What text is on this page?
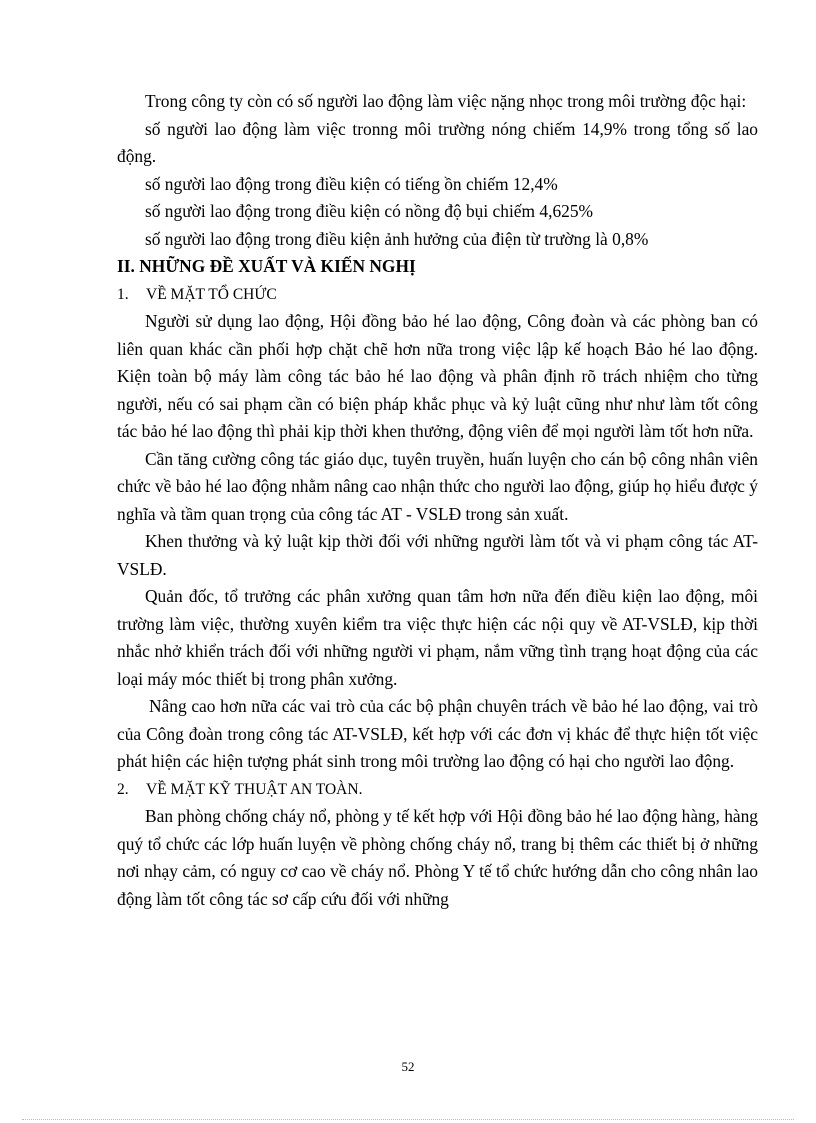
Trong công ty còn có số người lao động làm việc nặng nhọc trong môi trường độc hại:

số người lao động làm việc tronng môi trường nóng chiếm 14,9% trong tổng số lao động.

số người lao động trong điều kiện có tiếng ồn chiếm 12,4%

số người lao động trong điều kiện có nồng độ bụi chiếm 4,625%

số người lao động trong điều kiện ảnh hưởng của điện từ trường là 0,8%

II. NHỮNG ĐỀ XUẤT VÀ KIẾN NGHỊ

1. VỀ MẶT TỔ CHỨC

Người sử dụng lao động, Hội đồng bảo hé lao động, Công đoàn và các phòng ban có liên quan khác cần phối hợp chặt chẽ hơn nữa trong việc lập kế hoạch Bảo hé lao động. Kiện toàn bộ máy làm công tác bảo hé lao động và phân định rõ trách nhiệm cho từng người, nếu có sai phạm cần có biện pháp khắc phục và kỷ luật cũng như như làm tốt công tác bảo hé lao động thì phải kịp thời khen thưởng, động viên để mọi người làm tốt hơn nữa.

Cần tăng cường công tác giáo dục, tuyên truyền, huấn luyện cho cán bộ công nhân viên chức về bảo hé lao động nhằm nâng cao nhận thức cho người lao động, giúp họ hiểu được ý nghĩa và tầm quan trọng của công tác AT - VSLĐ trong sản xuất.

Khen thưởng và kỷ luật kịp thời đối với những người làm tốt và vi phạm công tác AT-VSLĐ.

Quản đốc, tổ trưởng các phân xưởng quan tâm hơn nữa đến điều kiện lao động, môi trường làm việc, thường xuyên kiểm tra việc thực hiện các nội quy về AT-VSLĐ, kịp thời nhắc nhở khiển trách đối với những người vi phạm, nắm vững tình trạng hoạt động của các loại máy móc thiết bị trong phân xưởng.

Nâng cao hơn nữa các vai trò của các bộ phận chuyên trách về bảo hé lao động, vai trò của Công đoàn trong công tác AT-VSLĐ, kết hợp với các đơn vị khác để thực hiện tốt việc phát hiện các hiện tượng phát sinh trong môi trường lao động có hại cho người lao động.

2. VỀ MẶT KỸ THUẬT AN TOÀN.

Ban phòng chống cháy nổ, phòng y tế kết hợp với Hội đồng bảo hé lao động hàng, hàng quý tổ chức các lớp huấn luyện về phòng chống cháy nổ, trang bị thêm các thiết bị ở những nơi nhạy cảm, có nguy cơ cao về cháy nổ. Phòng Y tế tổ chức hướng dẫn cho công nhân lao động làm tốt công tác sơ cấp cứu đối với những

52
